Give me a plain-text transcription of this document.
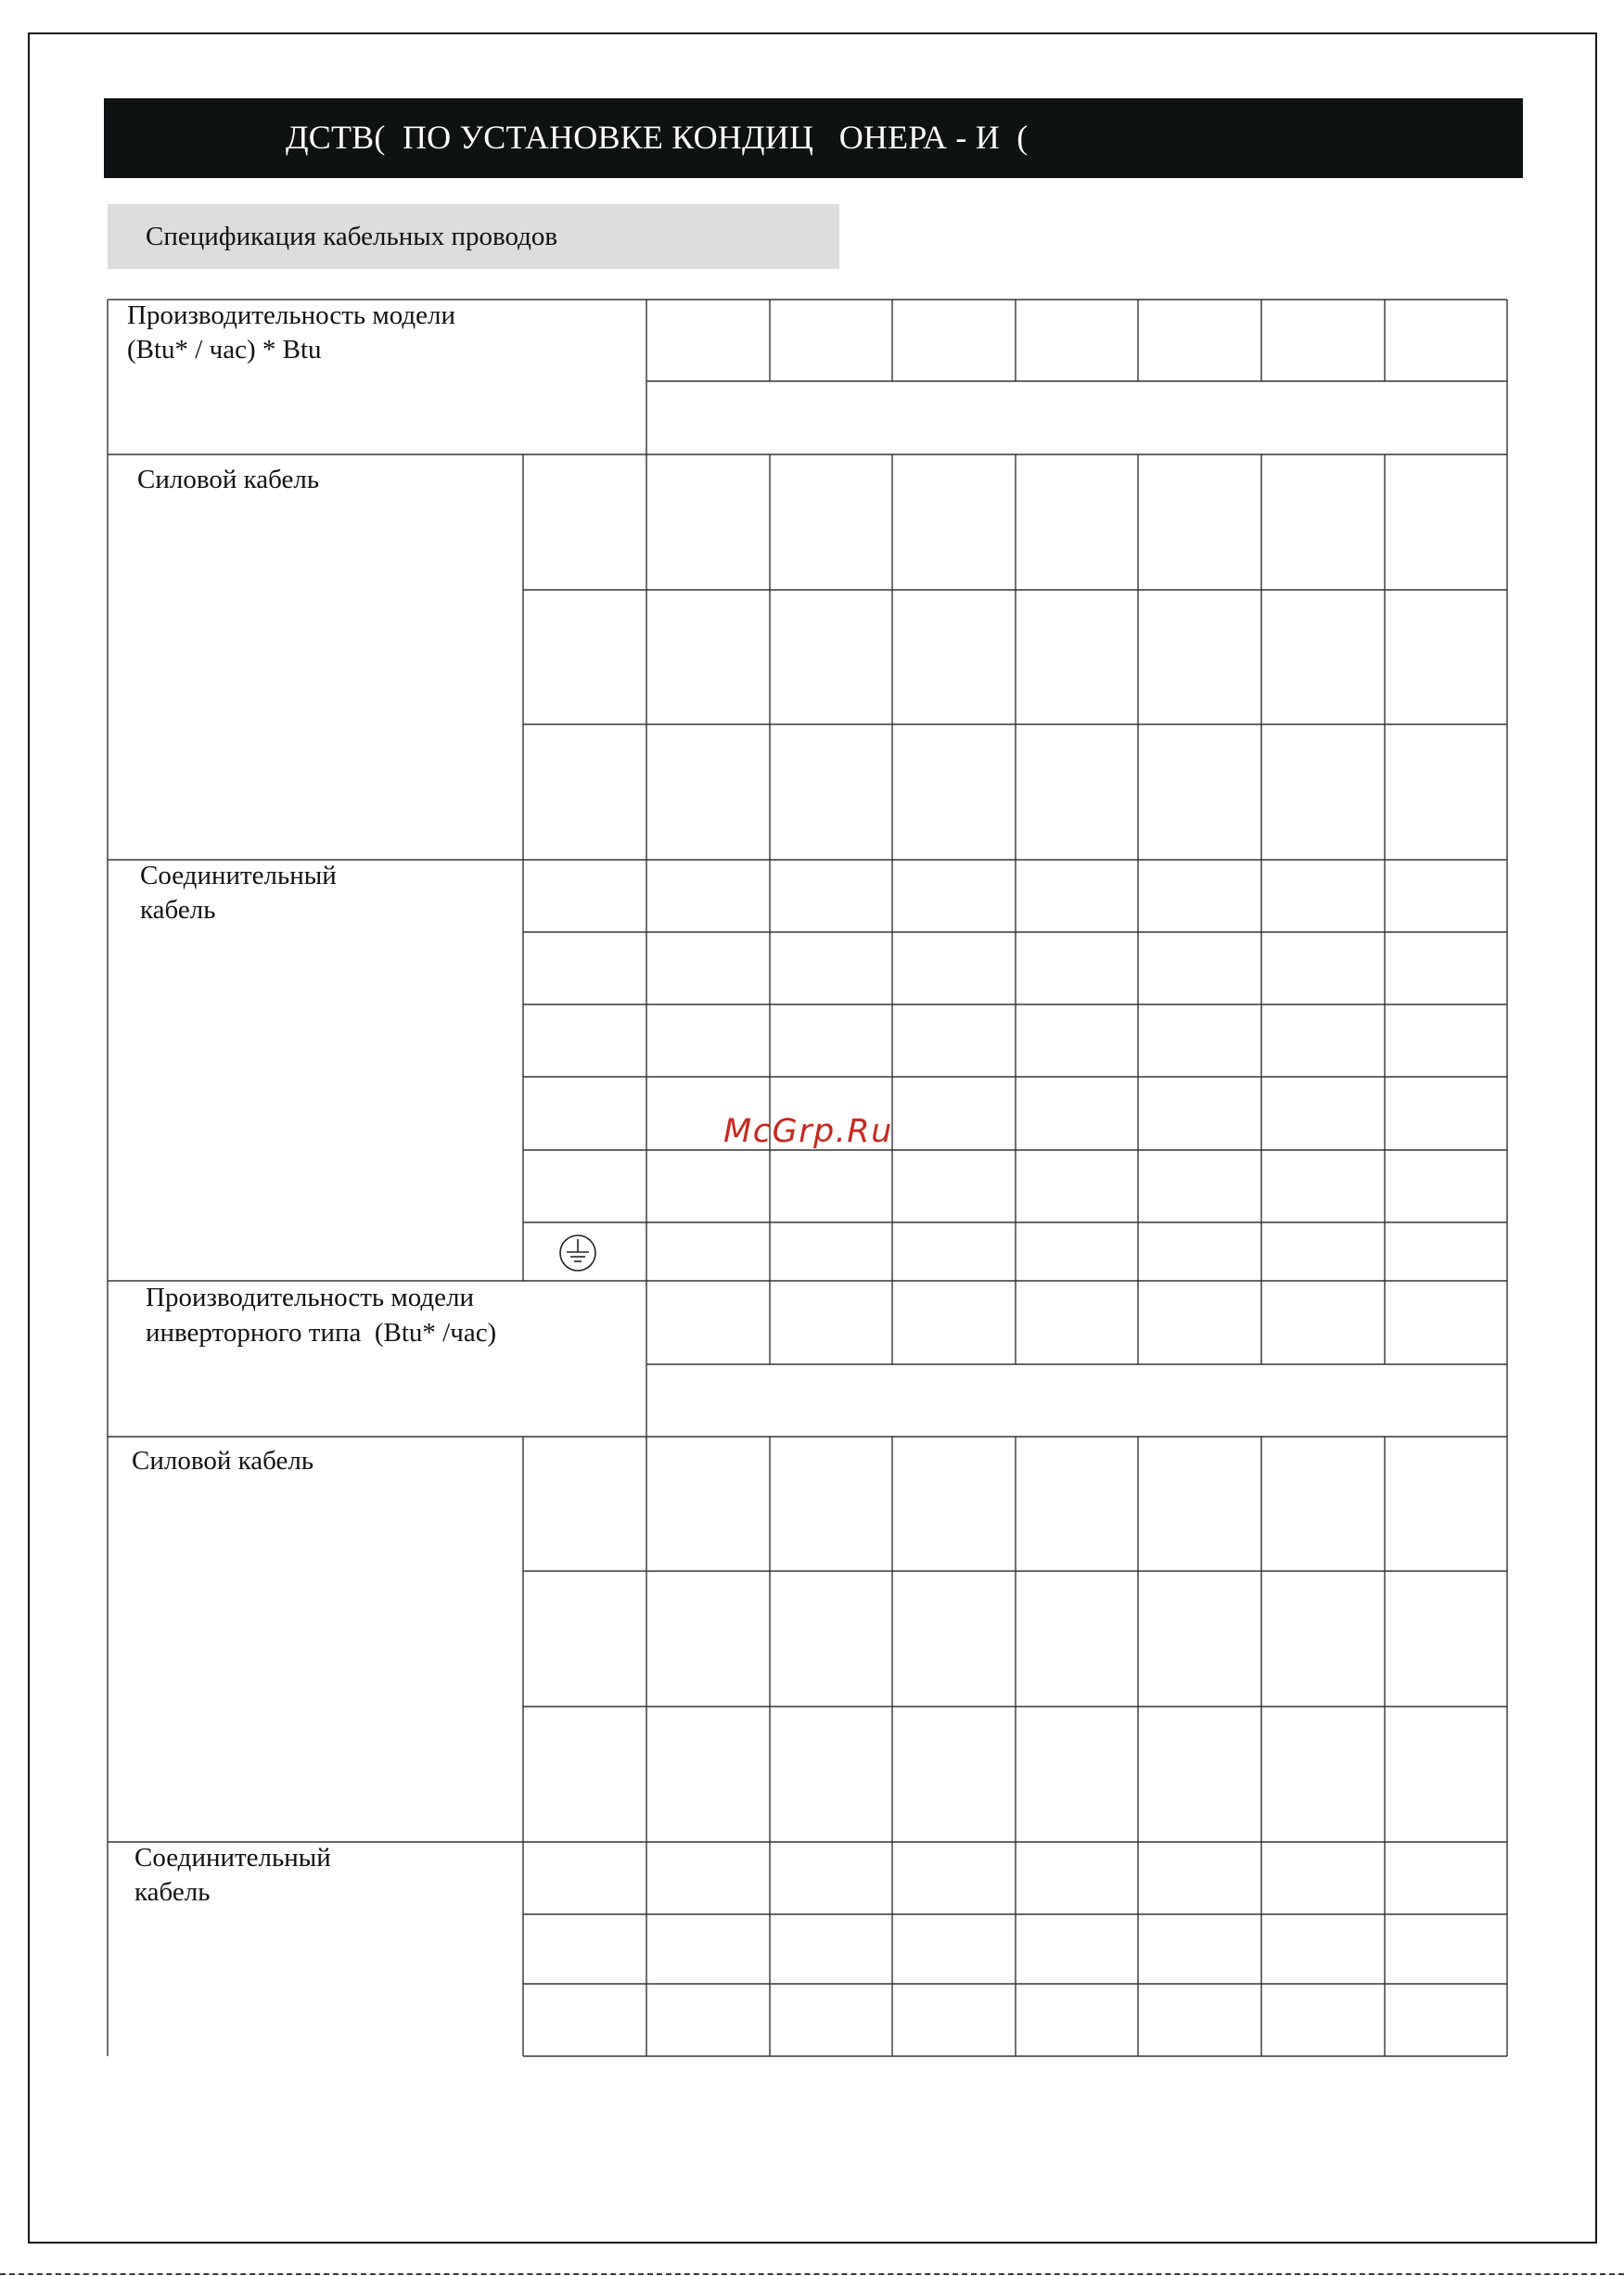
ДСТВ(  ПО УСТАНОВКЕ КОНДИЦ   ОНЕРА - И  (
Спецификация кабельных проводов
Производительность модели
(Btu* / час) * Btu
Силовой кабель
Соединительный
кабель
Производительность модели
инверторного типа  (Btu* /час)
Силовой кабель
Соединительный
кабель
McGrp.Ru
